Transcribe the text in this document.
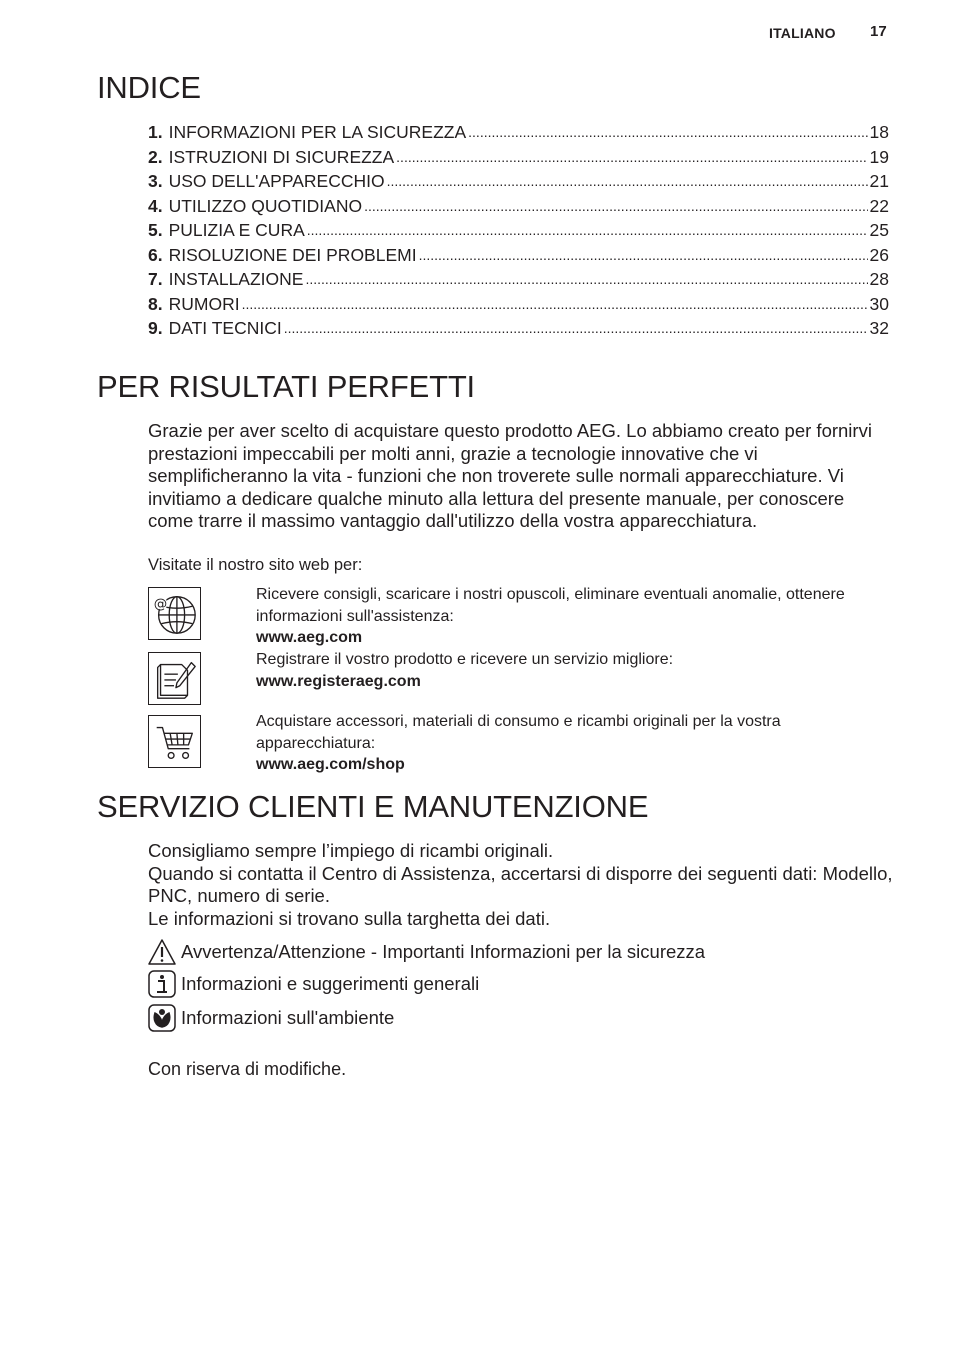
ITALIANO 17
INDICE
1. INFORMAZIONI PER LA SICUREZZA .....	18
2. ISTRUZIONI DI SICUREZZA .....	19
3. USO DELL'APPARECCHIO .....	21
4. UTILIZZO QUOTIDIANO .....	22
5. PULIZIA E CURA .....	25
6. RISOLUZIONE DEI PROBLEMI .....	26
7. INSTALLAZIONE .....	28
8. RUMORI .....	30
9. DATI TECNICI .....	32
PER RISULTATI PERFETTI

Grazie per aver scelto di acquistare questo prodotto AEG. Lo abbiamo creato per fornirvi prestazioni impeccabili per molti anni, grazie a tecnologie innovative che vi semplificheranno la vita - funzioni che non troverete sulle normali apparecchiature. Vi invitiamo a dedicare qualche minuto alla lettura del presente manuale, per conoscere come trarre il massimo vantaggio dall'utilizzo della vostra apparecchiatura.

Visitate il nostro sito web per:
@
Ricevere consigli, scaricare i nostri opuscoli, eliminare eventuali anomalie, ottenere informazioni sull'assistenza:
www.aeg.com
Registrare il vostro prodotto e ricevere un servizio migliore:
www.registeraeg.com
Acquistare accessori, materiali di consumo e ricambi originali per la vostra apparecchiatura:
www.aeg.com/shop
SERVIZIO CLIENTI E MANUTENZIONE
Consigliamo sempre l’impiego di ricambi originali.
Quando si contatta il Centro di Assistenza, accertarsi di disporre dei seguenti dati: Modello, PNC, numero di serie.
Le informazioni si trovano sulla targhetta dei dati.
Avvertenza/Attenzione - Importanti Informazioni per la sicurezza
Informazioni e suggerimenti generali
Informazioni sull'ambiente
Con riserva di modifiche.
